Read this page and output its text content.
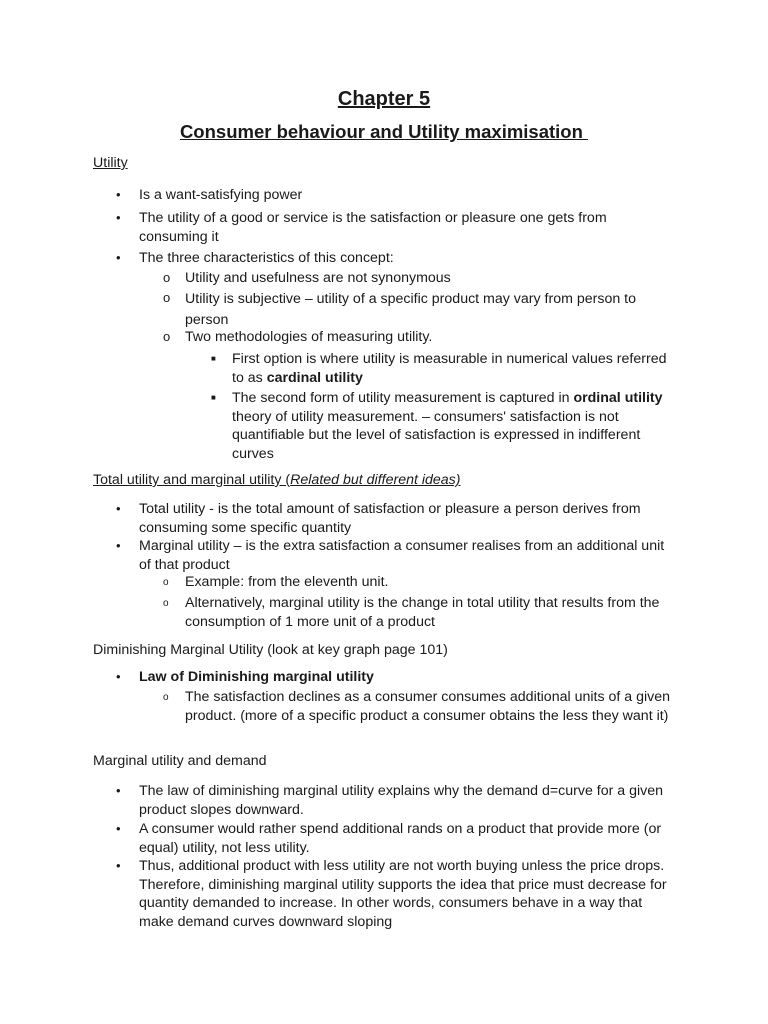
Chapter 5
Consumer behaviour and Utility maximisation

Utility

• Is a want-satisfying power

• The utility of a good or service is the satisfaction or pleasure one gets from consuming it

• The three characteristics of this concept:

o Utility and usefulness are not synonymous

o Utility is subjective – utility of a specific product may vary from person to person

o Two methodologies of measuring utility.

■ First option is where utility is measurable in numerical values referred to as cardinal utility

■ The second form of utility measurement is captured in ordinal utility theory of utility measurement. – consumers' satisfaction is not quantifiable but the level of satisfaction is expressed in indifferent curves

Total utility and marginal utility (Related but different ideas)

• Total utility - is the total amount of satisfaction or pleasure a person derives from consuming some specific quantity

• Marginal utility – is the extra satisfaction a consumer realises from an additional unit of that product

o Example: from the eleventh unit.

o Alternatively, marginal utility is the change in total utility that results from the consumption of 1 more unit of a product

Diminishing Marginal Utility (look at key graph page 101)

• Law of Diminishing marginal utility

o The satisfaction declines as a consumer consumes additional units of a given product. (more of a specific product a consumer obtains the less they want it)

Marginal utility and demand

• The law of diminishing marginal utility explains why the demand d=curve for a given product slopes downward.

• A consumer would rather spend additional rands on a product that provide more (or equal) utility, not less utility.

• Thus, additional product with less utility are not worth buying unless the price drops. Therefore, diminishing marginal utility supports the idea that price must decrease for quantity demanded to increase. In other words, consumers behave in a way that make demand curves downward sloping
